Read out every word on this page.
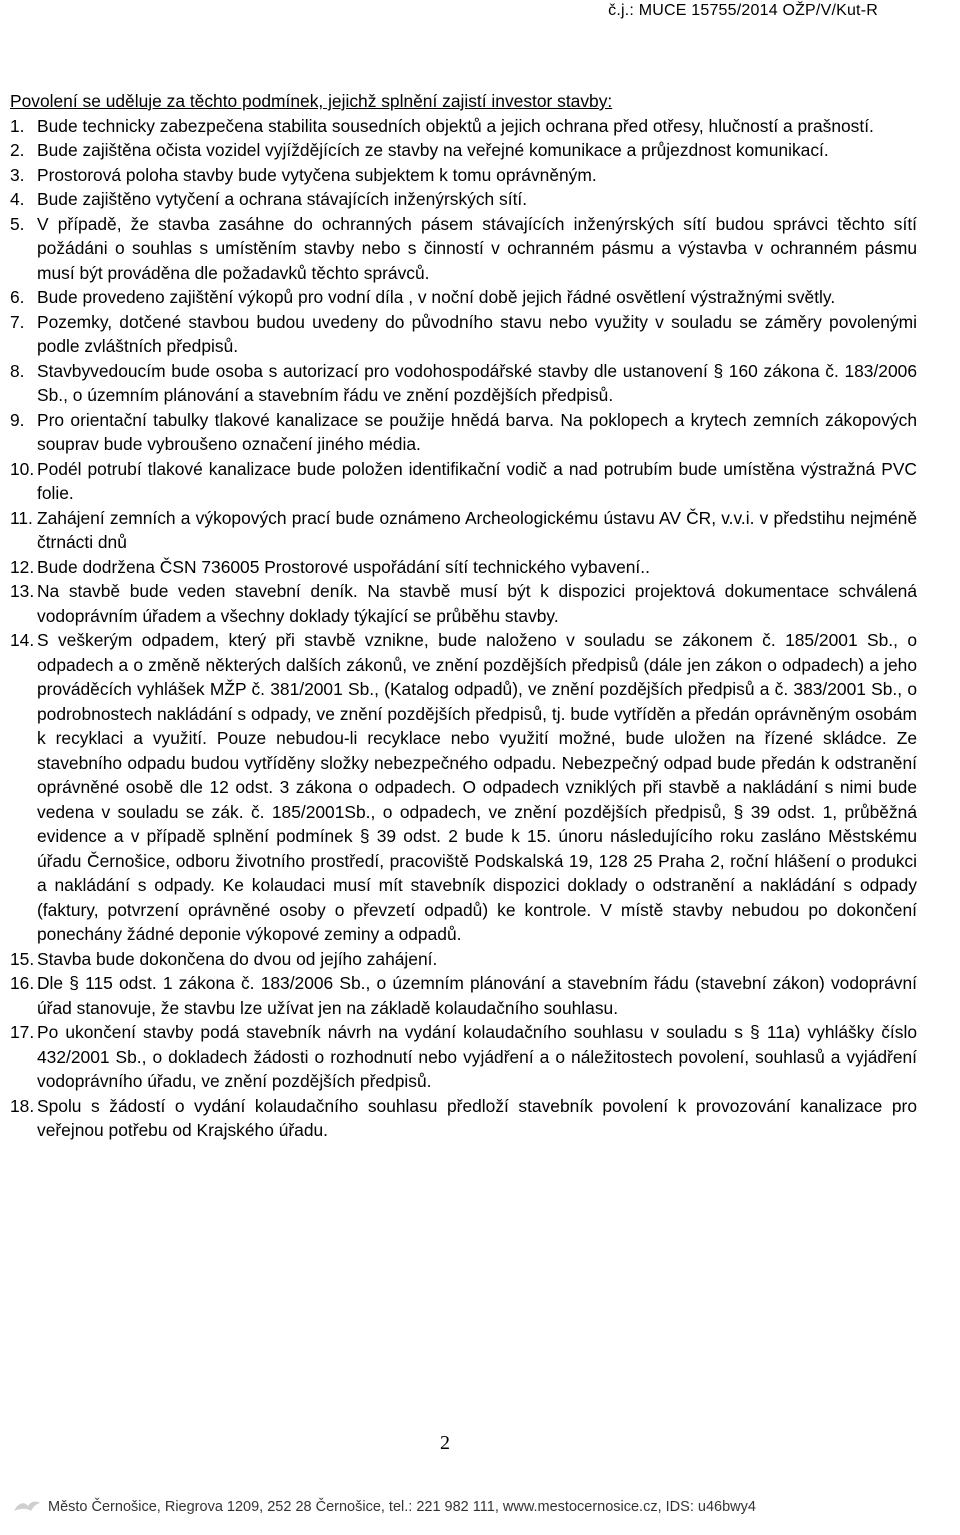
č.j.: MUCE 15755/2014 OŽP/V/Kut-R
Povolení se uděluje za těchto podmínek, jejichž splnění zajistí investor stavby:
1. Bude technicky zabezpečena stabilita sousedních objektů a jejich ochrana před otřesy, hlučností a prašností.
2. Bude zajištěna očista vozidel vyjíždějících ze stavby na veřejné komunikace a průjezdnost komunikací.
3. Prostorová poloha stavby bude vytyčena subjektem k tomu oprávněným.
4. Bude zajištěno vytyčení a ochrana stávajících inženýrských sítí.
5. V případě, že stavba zasáhne do ochranných pásem stávajících inženýrských sítí budou správci těchto sítí požádáni o souhlas s umístěním stavby nebo s činností v ochranném pásmu a výstavba v ochranném pásmu musí být prováděna dle požadavků těchto správců.
6. Bude provedeno zajištění výkopů pro vodní díla , v noční době jejich řádné osvětlení výstražnými světly.
7. Pozemky, dotčené stavbou budou uvedeny do původního stavu nebo využity v souladu se záměry povolenými podle zvláštních předpisů.
8. Stavbyvedoucím bude osoba s autorizací pro vodohospodářské stavby dle ustanovení § 160 zákona č. 183/2006 Sb., o územním plánování a stavebním řádu ve znění pozdějších předpisů.
9. Pro orientační tabulky tlakové kanalizace se použije hnědá barva. Na poklopech a krytech zemních zákopových souprav bude vybroušeno označení jiného média.
10. Podél potrubí tlakové kanalizace bude položen identifikační vodič a nad potrubím bude umístěna výstražná PVC folie.
11. Zahájení zemních a výkopových prací bude oznámeno Archeologickému ústavu AV ČR, v.v.i. v předstihu nejméně čtrnácti dnů
12. Bude dodržena ČSN 736005 Prostorové uspořádání sítí technického vybavení..
13. Na stavbě bude veden stavební deník. Na stavbě musí být k dispozici projektová dokumentace schválená vodoprávním úřadem a všechny doklady týkající se průběhu stavby.
14. S veškerým odpadem, který při stavbě vznikne, bude naloženo v souladu se zákonem č. 185/2001 Sb., o odpadech a o změně některých dalších zákonů, ve znění pozdějších předpisů (dále jen zákon o odpadech) a jeho prováděcích vyhlášek MŽP č. 381/2001 Sb., (Katalog odpadů), ve znění pozdějších předpisů a č. 383/2001 Sb., o podrobnostech nakládání s odpady, ve znění pozdějších předpisů, tj. bude vytříděn a předán oprávněným osobám k recyklaci a využití. Pouze nebudou-li recyklace nebo využití možné, bude uložen na řízené skládce. Ze stavebního odpadu budou vytříděny složky nebezpečného odpadu. Nebezpečný odpad bude předán k odstranění oprávněné osobě dle 12 odst. 3 zákona o odpadech. O odpadech vzniklých při stavbě a nakládání s nimi bude vedena v souladu se zák. č. 185/2001Sb., o odpadech, ve znění pozdějších předpisů, § 39 odst. 1, průběžná evidence a v případě splnění podmínek § 39 odst. 2 bude k 15. únoru následujícího roku zasláno Městskému úřadu Černošice, odboru životního prostředí, pracoviště Podskalská 19, 128 25 Praha 2, roční hlášení o produkci a nakládání s odpady. Ke kolaudaci musí mít stavebník dispozici doklady o odstranění a nakládání s odpady (faktury, potvrzení oprávněné osoby o převzetí odpadů) ke kontrole. V místě stavby nebudou po dokončení ponechány žádné deponie výkopové zeminy a odpadů.
15. Stavba bude dokončena do dvou od jejího zahájení.
16. Dle § 115 odst. 1 zákona č. 183/2006 Sb., o územním plánování a stavebním řádu (stavební zákon) vodoprávní úřad stanovuje, že stavbu lze užívat jen na základě kolaudačního souhlasu.
17. Po ukončení stavby podá stavebník návrh na vydání kolaudačního souhlasu v souladu s § 11a) vyhlášky číslo 432/2001 Sb., o dokladech žádosti o rozhodnutí nebo vyjádření a o náležitostech povolení, souhlasů a vyjádření vodoprávního úřadu, ve znění pozdějších předpisů.
18. Spolu s žádostí o vydání kolaudačního souhlasu předloží stavebník povolení k provozování kanalizace pro veřejnou potřebu od Krajského úřadu.
2
Město Černošice, Riegrova 1209, 252 28 Černošice, tel.: 221 982 111, www.mestocernosice.cz, IDS: u46bwy4
